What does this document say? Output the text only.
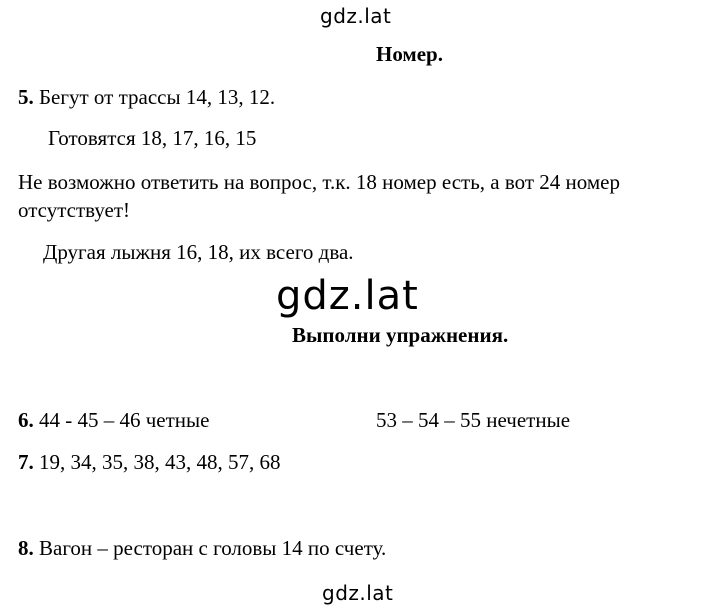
gdz.lat
Номер.
5. Бегут от трассы 14, 13, 12.
Готовятся 18, 17, 16, 15
Не возможно ответить на вопрос, т.к. 18 номер есть, а вот 24 номер
отсутствует!
Другая лыжня 16, 18, их всего два.
gdz.lat
Выполни упражнения.
6. 44 - 45 – 46 четные	53 – 54 – 55 нечетные
7. 19, 34, 35, 38, 43, 48, 57, 68
8. Вагон – ресторан с головы 14 по счету.
gdz.lat
